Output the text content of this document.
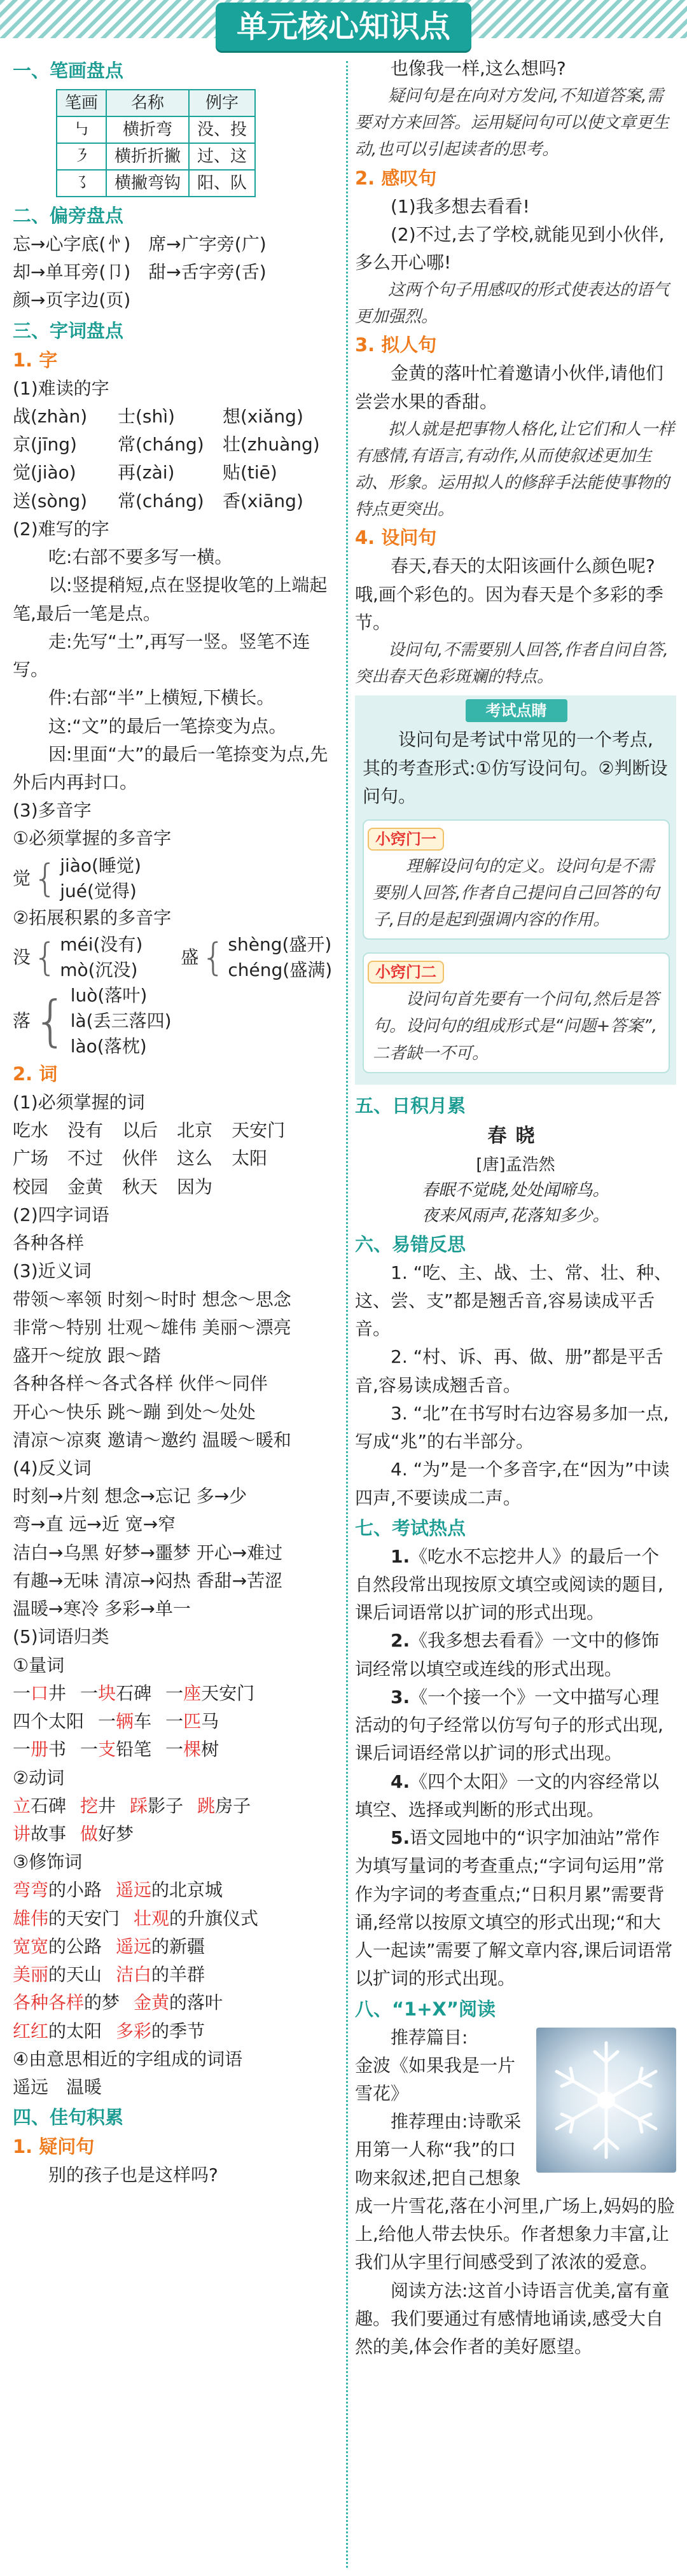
单元核心知识点
一、笔画盘点
笔画	名称	例字
㇉	横折弯	没、投
㇋	横折折撇	过、这
㇌	横撇弯钩	阳、队
二、偏旁盘点
忘→心字底(㣺)　席→广字旁(广)
却→单耳旁(卩)　甜→舌字旁(舌)
颜→页字边(页)
三、字词盘点
1. 字
(1)难读的字
战(zhàn)	士(shì)	想(xiǎng)
京(jīng)	常(cháng)	壮(zhuàng)
觉(jiào)	再(zài)	贴(tiē)
送(sòng)	常(cháng)	香(xiāng)
(2)难写的字
吃:右部不要多写一横。
以:竖提稍短,点在竖提收笔的上端起笔,最后一笔是点。
走:先写“土”,再写一竖。竖笔不连写。
件:右部“半”上横短,下横长。
这:“文”的最后一笔捺变为点。
因:里面“大”的最后一笔捺变为点,先外后内再封口。
(3)多音字
①必须掌握的多音字
觉 { jiào(睡觉)
jué(觉得)
②拓展积累的多音字
没 { méi(没有)
mò(沉没)
盛 { shèng(盛开)
chéng(盛满)
落 { luò(落叶)
là(丢三落四)
lào(落枕)
2. 词
(1)必须掌握的词
吃水 没有 以后 北京 天安门
广场 不过 伙伴 这么 太阳
校园 金黄 秋天 因为
(2)四字词语
各种各样
(3)近义词
带领～率领 时刻～时时 想念～思念
非常～特别 壮观～雄伟 美丽～漂亮
盛开～绽放 跟～踏
各种各样～各式各样 伙伴～同伴
开心～快乐 跳～蹦 到处～处处
清凉～凉爽 邀请～邀约 温暖～暖和
(4)反义词
时刻→片刻 想念→忘记 多→少
弯→直 远→近 宽→窄
洁白→乌黑 好梦→噩梦 开心→难过
有趣→无味 清凉→闷热 香甜→苦涩
温暖→寒冷 多彩→单一
(5)词语归类
①量词
一口井 一块石碑 一座天安门
四个太阳 一辆车 一匹马
一册书 一支铅笔 一棵树
②动词
立石碑 挖井 踩影子 跳房子
讲故事 做好梦
③修饰词
弯弯的小路 遥远的北京城
雄伟的天安门 壮观的升旗仪式
宽宽的公路 遥远的新疆
美丽的天山 洁白的羊群
各种各样的梦 金黄的落叶
红红的太阳 多彩的季节
④由意思相近的字组成的词语
遥远　温暖
四、佳句积累
1. 疑问句
别的孩子也是这样吗?
也像我一样,这么想吗?
疑问句是在向对方发问,不知道答案,需要对方来回答。运用疑问句可以使文章更生动,也可以引起读者的思考。
2. 感叹句
(1)我多想去看看!
(2)不过,去了学校,就能见到小伙伴,多么开心哪!
这两个句子用感叹的形式使表达的语气更加强烈。
3. 拟人句
金黄的落叶忙着邀请小伙伴,请他们尝尝水果的香甜。
拟人就是把事物人格化,让它们和人一样有感情,有语言,有动作,从而使叙述更加生动、形象。运用拟人的修辞手法能使事物的特点更突出。
4. 设问句
春天,春天的太阳该画什么颜色呢?哦,画个彩色的。因为春天是个多彩的季节。
设问句,不需要别人回答,作者自问自答,突出春天色彩斑斓的特点。
考试点睛
设问句是考试中常见的一个考点,其的考查形式:①仿写设问句。②判断设问句。
小窍门一
理解设问句的定义。设问句是不需要别人回答,作者自己提问自己回答的句子,目的是起到强调内容的作用。
小窍门二
设问句首先要有一个问句,然后是答句。设问句的组成形式是“问题+答案”,二者缺一不可。
五、日积月累
春晓
[唐]孟浩然
春眠不觉晓,处处闻啼鸟。
夜来风雨声,花落知多少。
六、易错反思
1. “吃、主、战、士、常、壮、种、这、尝、支”都是翘舌音,容易读成平舌音。
2. “村、诉、再、做、册”都是平舌音,容易读成翘舌音。
3. “北”在书写时右边容易多加一点,写成“兆”的右半部分。
4. “为”是一个多音字,在“因为”中读四声,不要读成二声。
七、考试热点
1.《吃水不忘挖井人》的最后一个自然段常出现按原文填空或阅读的题目,课后词语常以扩词的形式出现。
2.《我多想去看看》一文中的修饰词经常以填空或连线的形式出现。
3.《一个接一个》一文中描写心理活动的句子经常以仿写句子的形式出现,课后词语经常以扩词的形式出现。
4.《四个太阳》一文的内容经常以填空、选择或判断的形式出现。
5.语文园地中的“识字加油站”常作为填写量词的考查重点;“字词句运用”常作为字词的考查重点;“日积月累”需要背诵,经常以按原文填空的形式出现;“和大人一起读”需要了解文章内容,课后词语常以扩词的形式出现。
八、“1+X”阅读
推荐篇目:
金波《如果我是一片雪花》
推荐理由:诗歌采用第一人称“我”的口吻来叙述,把自己想象成一片雪花,落在小河里,广场上,妈妈的脸上,给他人带去快乐。作者想象力丰富,让我们从字里行间感受到了浓浓的爱意。
阅读方法:这首小诗语言优美,富有童趣。我们要通过有感情地诵读,感受大自然的美,体会作者的美好愿望。
